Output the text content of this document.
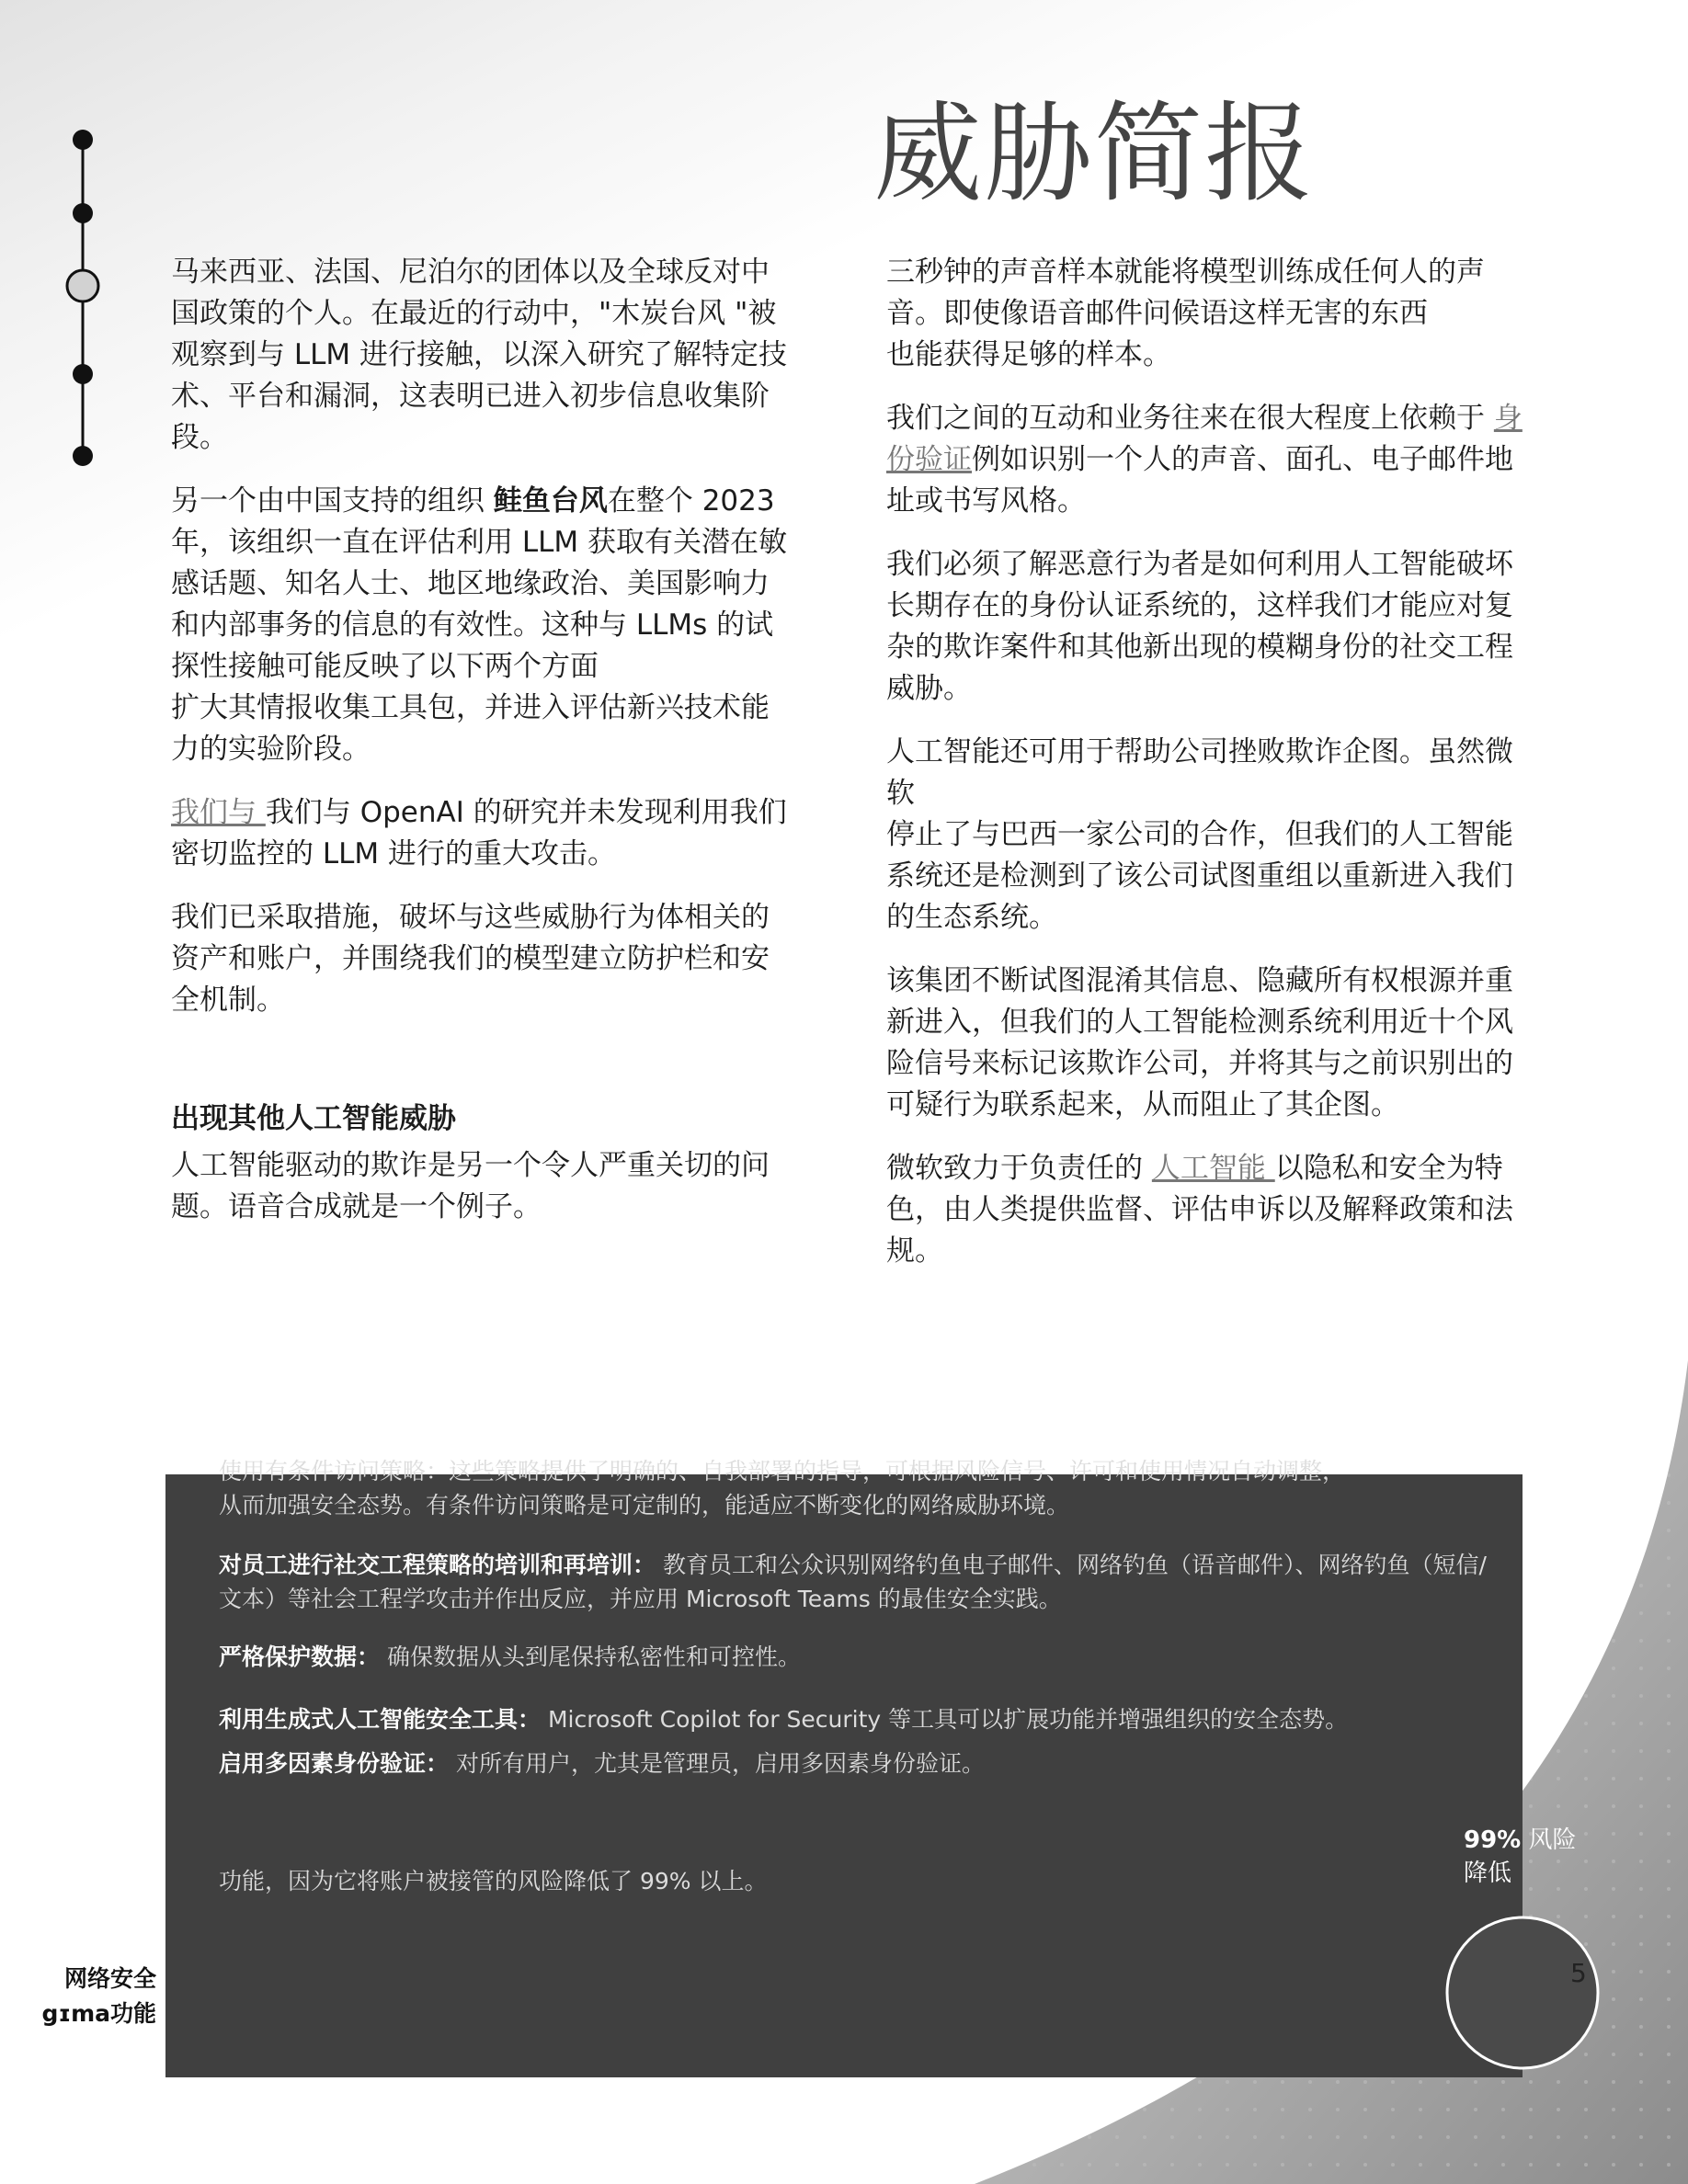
威胁简报

马来西亚、法国、尼泊尔的团体以及全球反对中国政策的个人。在最近的行动中，"木炭台风 "被观察到与 LLM 进行接触，以深入研究了解特定技术、平台和漏洞，这表明已进入初步信息收集阶段。

另一个由中国支持的组织 鲑鱼台风在整个 2023 年，该组织一直在评估利用 LLM 获取有关潜在敏感话题、知名人士、地区地缘政治、美国影响力和内部事务的信息的有效性。这种与 LLMs 的试探性接触可能反映了以下两个方面
扩大其情报收集工具包，并进入评估新兴技术能力的实验阶段。

我们与 我们与 OpenAI 的研究并未发现利用我们密切监控的 LLM 进行的重大攻击。

我们已采取措施，破坏与这些威胁行为体相关的资产和账户，并围绕我们的模型建立防护栏和安全机制。

出现其他人工智能威胁

人工智能驱动的欺诈是另一个令人严重关切的问题。语音合成就是一个例子。

三秒钟的声音样本就能将模型训练成任何人的声音。即使像语音邮件问候语这样无害的东西
也能获得足够的样本。

我们之间的互动和业务往来在很大程度上依赖于 身份验证例如识别一个人的声音、面孔、电子邮件地址或书写风格。

我们必须了解恶意行为者是如何利用人工智能破坏长期存在的身份认证系统的，这样我们才能应对复杂的欺诈案件和其他新出现的模糊身份的社交工程威胁。

人工智能还可用于帮助公司挫败欺诈企图。虽然微软
停止了与巴西一家公司的合作，但我们的人工智能系统还是检测到了该公司试图重组以重新进入我们的生态系统。

该集团不断试图混淆其信息、隐藏所有权根源并重新进入，但我们的人工智能检测系统利用近十个风险信号来标记该欺诈公司，并将其与之前识别出的可疑行为联系起来，从而阻止了其企图。

微软致力于负责任的 人工智能 以隐私和安全为特色，由人类提供监督、评估申诉以及解释政策和法规。

使用有条件访问策略：这些策略提供了明确的、自我部署的指导，可根据风险信号、许可和使用情况自动调整，
从而加强安全态势。有条件访问策略是可定制的，能适应不断变化的网络威胁环境。
对员工进行社交工程策略的培训和再培训： 教育员工和公众识别网络钓鱼电子邮件、网络钓鱼（语音邮件）、网络钓鱼（短信/文本）等社会工程学攻击并作出反应，并应用 Microsoft Teams 的最佳安全实践。
严格保护数据： 确保数据从头到尾保持私密性和可控性。
利用生成式人工智能安全工具： Microsoft Copilot for Security 等工具可以扩展功能并增强组织的安全态势。
启用多因素身份验证： 对所有用户，尤其是管理员，启用多因素身份验证。
功能，因为它将账户被接管的风险降低了 99% 以上。
99% 风险
降低
5
网络安全
gɪma功能
